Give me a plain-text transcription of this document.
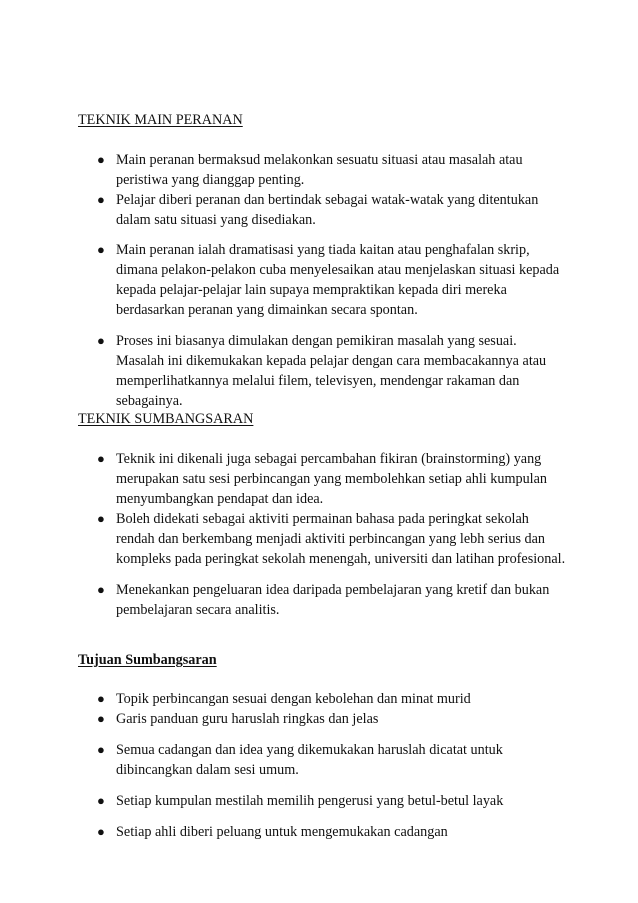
TEKNIK MAIN PERANAN
● Main peranan bermaksud melakonkan sesuatu situasi atau masalah atau peristiwa yang dianggap penting.
● Pelajar diberi peranan dan bertindak sebagai watak-watak yang ditentukan dalam satu situasi yang disediakan.
● Main peranan ialah dramatisasi yang tiada kaitan atau penghafalan skrip, dimana pelakon-pelakon cuba menyelesaikan atau menjelaskan situasi kepada kepada pelajar-pelajar lain supaya mempraktikan kepada diri mereka berdasarkan peranan yang dimainkan secara spontan.
● Proses ini biasanya dimulakan dengan pemikiran masalah yang sesuai. Masalah ini dikemukakan kepada pelajar dengan cara membacakannya atau memperlihatkannya melalui filem, televisyen, mendengar rakaman dan sebagainya.
TEKNIK SUMBANGSARAN
● Teknik ini dikenali juga sebagai percambahan fikiran (brainstorming) yang merupakan satu sesi perbincangan yang membolehkan setiap ahli kumpulan menyumbangkan pendapat dan idea.
● Boleh didekati sebagai aktiviti permainan bahasa pada peringkat sekolah rendah dan berkembang menjadi aktiviti perbincangan yang lebh serius dan kompleks pada peringkat sekolah menengah, universiti dan latihan profesional.
● Menekankan pengeluaran idea daripada pembelajaran yang kretif dan bukan pembelajaran secara analitis.
Tujuan Sumbangsaran
● Topik perbincangan sesuai dengan kebolehan dan minat murid
● Garis panduan guru haruslah ringkas dan jelas
● Semua cadangan dan idea yang dikemukakan haruslah dicatat untuk dibincangkan dalam sesi umum.
● Setiap kumpulan mestilah memilih pengerusi yang betul-betul layak
● Setiap ahli diberi peluang untuk mengemukakan cadangan
